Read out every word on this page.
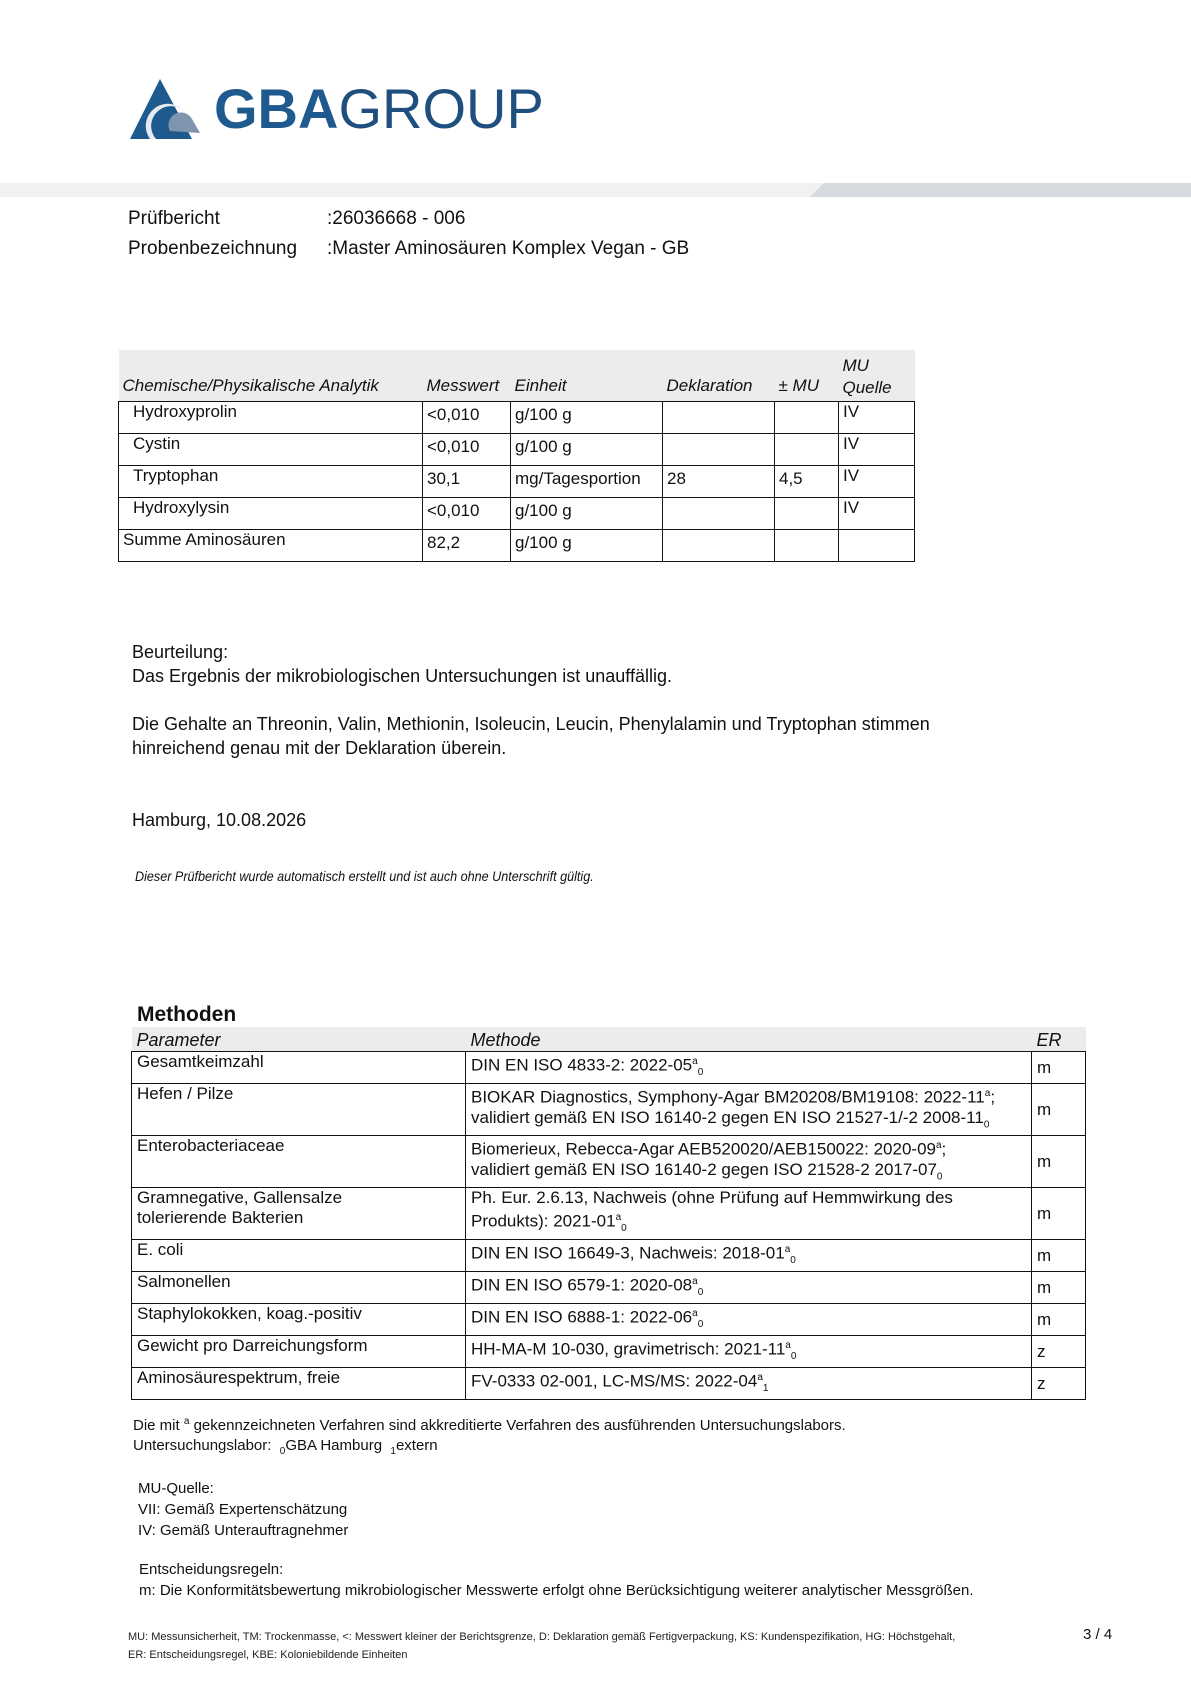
GBAGROUP
Prüfbericht	:26036668 - 006
Probenbezeichnung :Master Aminosäuren Komplex Vegan - GB
Chemische/Physikalische Analytik	Messwert	Einheit	Deklaration	± MU	MU Quelle
Hydroxyprolin	<0,010	g/100 g			IV
Cystin	<0,010	g/100 g			IV
Tryptophan	30,1	mg/Tagesportion	28	4,5	IV
Hydroxylysin	<0,010	g/100 g			IV
Summe Aminosäuren	82,2	g/100 g			
Beurteilung:
Das Ergebnis der mikrobiologischen Untersuchungen ist unauffällig.
Die Gehalte an Threonin, Valin, Methionin, Isoleucin, Leucin, Phenylalamin und Tryptophan stimmen
hinreichend genau mit der Deklaration überein.
Hamburg, 10.08.2026
Dieser Prüfbericht wurde automatisch erstellt und ist auch ohne Unterschrift gültig.
Methoden
Parameter	Methode	ER
Gesamtkeimzahl	DIN EN ISO 4833-2: $2022-05^a_0$	m
Hefen / Pilze	BIOKAR Diagnostics, Symphony-Agar BM20208/BM19108: 2022-11$^a$;
validiert gemäß EN ISO 16140-2 gegen EN ISO 21527-1/-2 $2008-11_0$	m
Enterobacteriaceae	Biomerieux, Rebecca-Agar AEB520020/AEB150022: 2020-09$^a$;
validiert gemäß EN ISO 16140-2 gegen ISO 21528-2 $2017-07_0$	m
Gramnegative, Gallensalze
tolerierende Bakterien	Ph. Eur. 2.6.13, Nachweis (ohne Prüfung auf Hemmwirkung des
Produkts): $2021-01^a_0$	m
E. coli	DIN EN ISO 16649-3, Nachweis: $2018-01^a_0$	m
Salmonellen	DIN EN ISO 6579-1: $2020-08^a_0$	m
Staphylokokken, koag.-positiv	DIN EN ISO 6888-1: $2022-06^a_0$	m
Gewicht pro Darreichungsform	HH-MA-M 10-030, gravimetrisch: $2021-11^a_0$	z
Aminosäurespektrum, freie	FV-0333 02-001, LC-MS/MS: $2022-04^a_1$	z
Die mit $^a$ gekennzeichneten Verfahren sind akkreditierte Verfahren des ausführenden Untersuchungslabors.
Untersuchungslabor: $_0$GBA Hamburg $_1$extern
MU-Quelle:
VII: Gemäß Expertenschätzung
IV: Gemäß Unterauftragnehmer
Entscheidungsregeln:
m: Die Konformitätsbewertung mikrobiologischer Messwerte erfolgt ohne Berücksichtigung weiterer analytischer Messgrößen.
MU: Messunsicherheit, TM: Trockenmasse, <: Messwert kleiner der Berichtsgrenze, D: Deklaration gemäß Fertigverpackung, KS: Kundenspezifikation, HG: Höchstgehalt,
ER: Entscheidungsregel, KBE: Koloniebildende Einheiten
3 / 4
